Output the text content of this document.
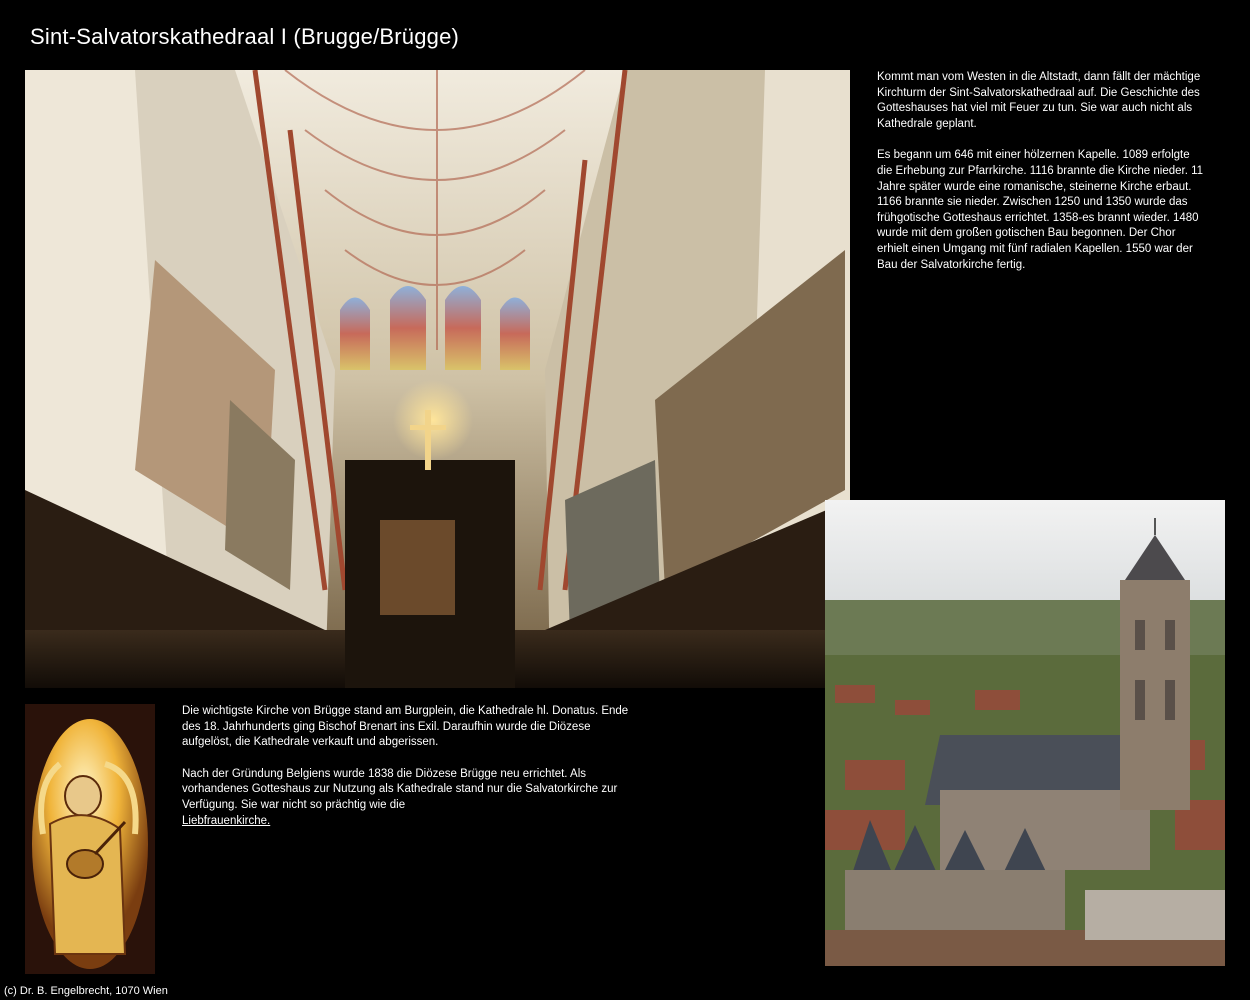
Sint-Salvatorskathedraal I (Brugge/Brügge)

Kommt man vom Westen in die Altstadt, dann fällt der mächtige Kirchturm der Sint-Salvatorskathedraal auf. Die Geschichte des Gotteshauses hat viel mit Feuer zu tun. Sie war auch nicht als Kathedrale geplant.

Es begann um 646 mit einer hölzernen Kapelle. 1089 erfolgte die Erhebung zur Pfarrkirche. 1116 brannte die Kirche nieder. 11 Jahre später wurde eine romanische, steinerne Kirche erbaut. 1166 brannte sie nieder. Zwischen 1250 und 1350 wurde das frühgotische Gotteshaus errichtet. 1358-es brannt wieder. 1480 wurde mit dem großen gotischen Bau begonnen. Der Chor erhielt einen Umgang mit fünf radialen Kapellen. 1550 war der Bau der Salvatorkirche fertig.

Die wichtigste Kirche von Brügge stand am Burgplein, die Kathedrale hl. Donatus. Ende des 18. Jahrhunderts ging Bischof Brenart ins Exil. Daraufhin wurde die Diözese aufgelöst, die Kathedrale verkauft und abgerissen.

Nach der Gründung Belgiens wurde 1838 die Diözese Brügge neu errichtet. Als vorhandenes Gotteshaus zur Nutzung als Kathedrale stand nur die Salvatorkirche zur Verfügung. Sie war nicht so prächtig wie die
Liebfrauenkirche.

(c) Dr. B. Engelbrecht, 1070 Wien
